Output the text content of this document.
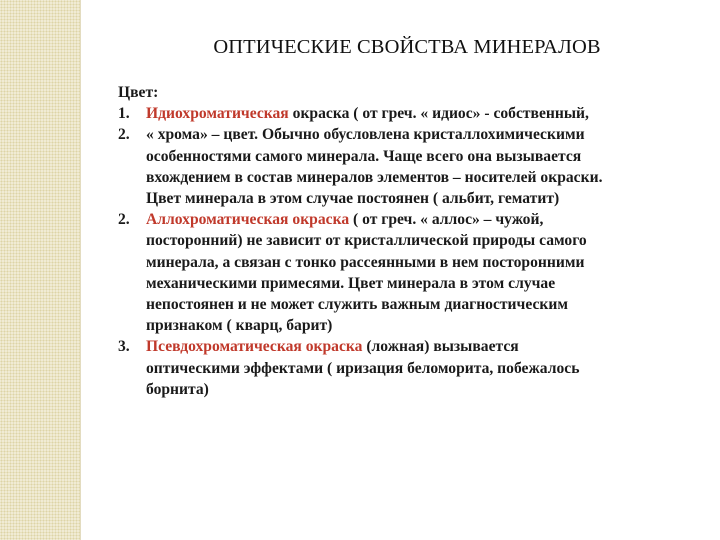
ОПТИЧЕСКИЕ СВОЙСТВА МИНЕРАЛОВ
Цвет:
1.	Идиохроматическая окраска ( от греч. « идиос» - собственный,
2.	« хрома» – цвет. Обычно обусловлена кристаллохимическими
особенностями самого минерала. Чаще всего она вызывается
вхождением в состав минералов элементов – носителей окраски.
Цвет минерала в этом случае постоянен ( альбит, гематит)
2.	Аллохроматическая окраска ( от греч. « аллос» – чужой,
посторонний) не зависит от кристаллической природы самого
минерала, а связан с тонко рассеянными в нем посторонними
механическими примесями. Цвет минерала в этом случае
непостоянен и не может служить важным диагностическим
признаком ( кварц, барит)
3.	Псевдохроматическая окраска (ложная) вызывается
оптическими эффектами ( иризация беломорита, побежалось
борнита)
